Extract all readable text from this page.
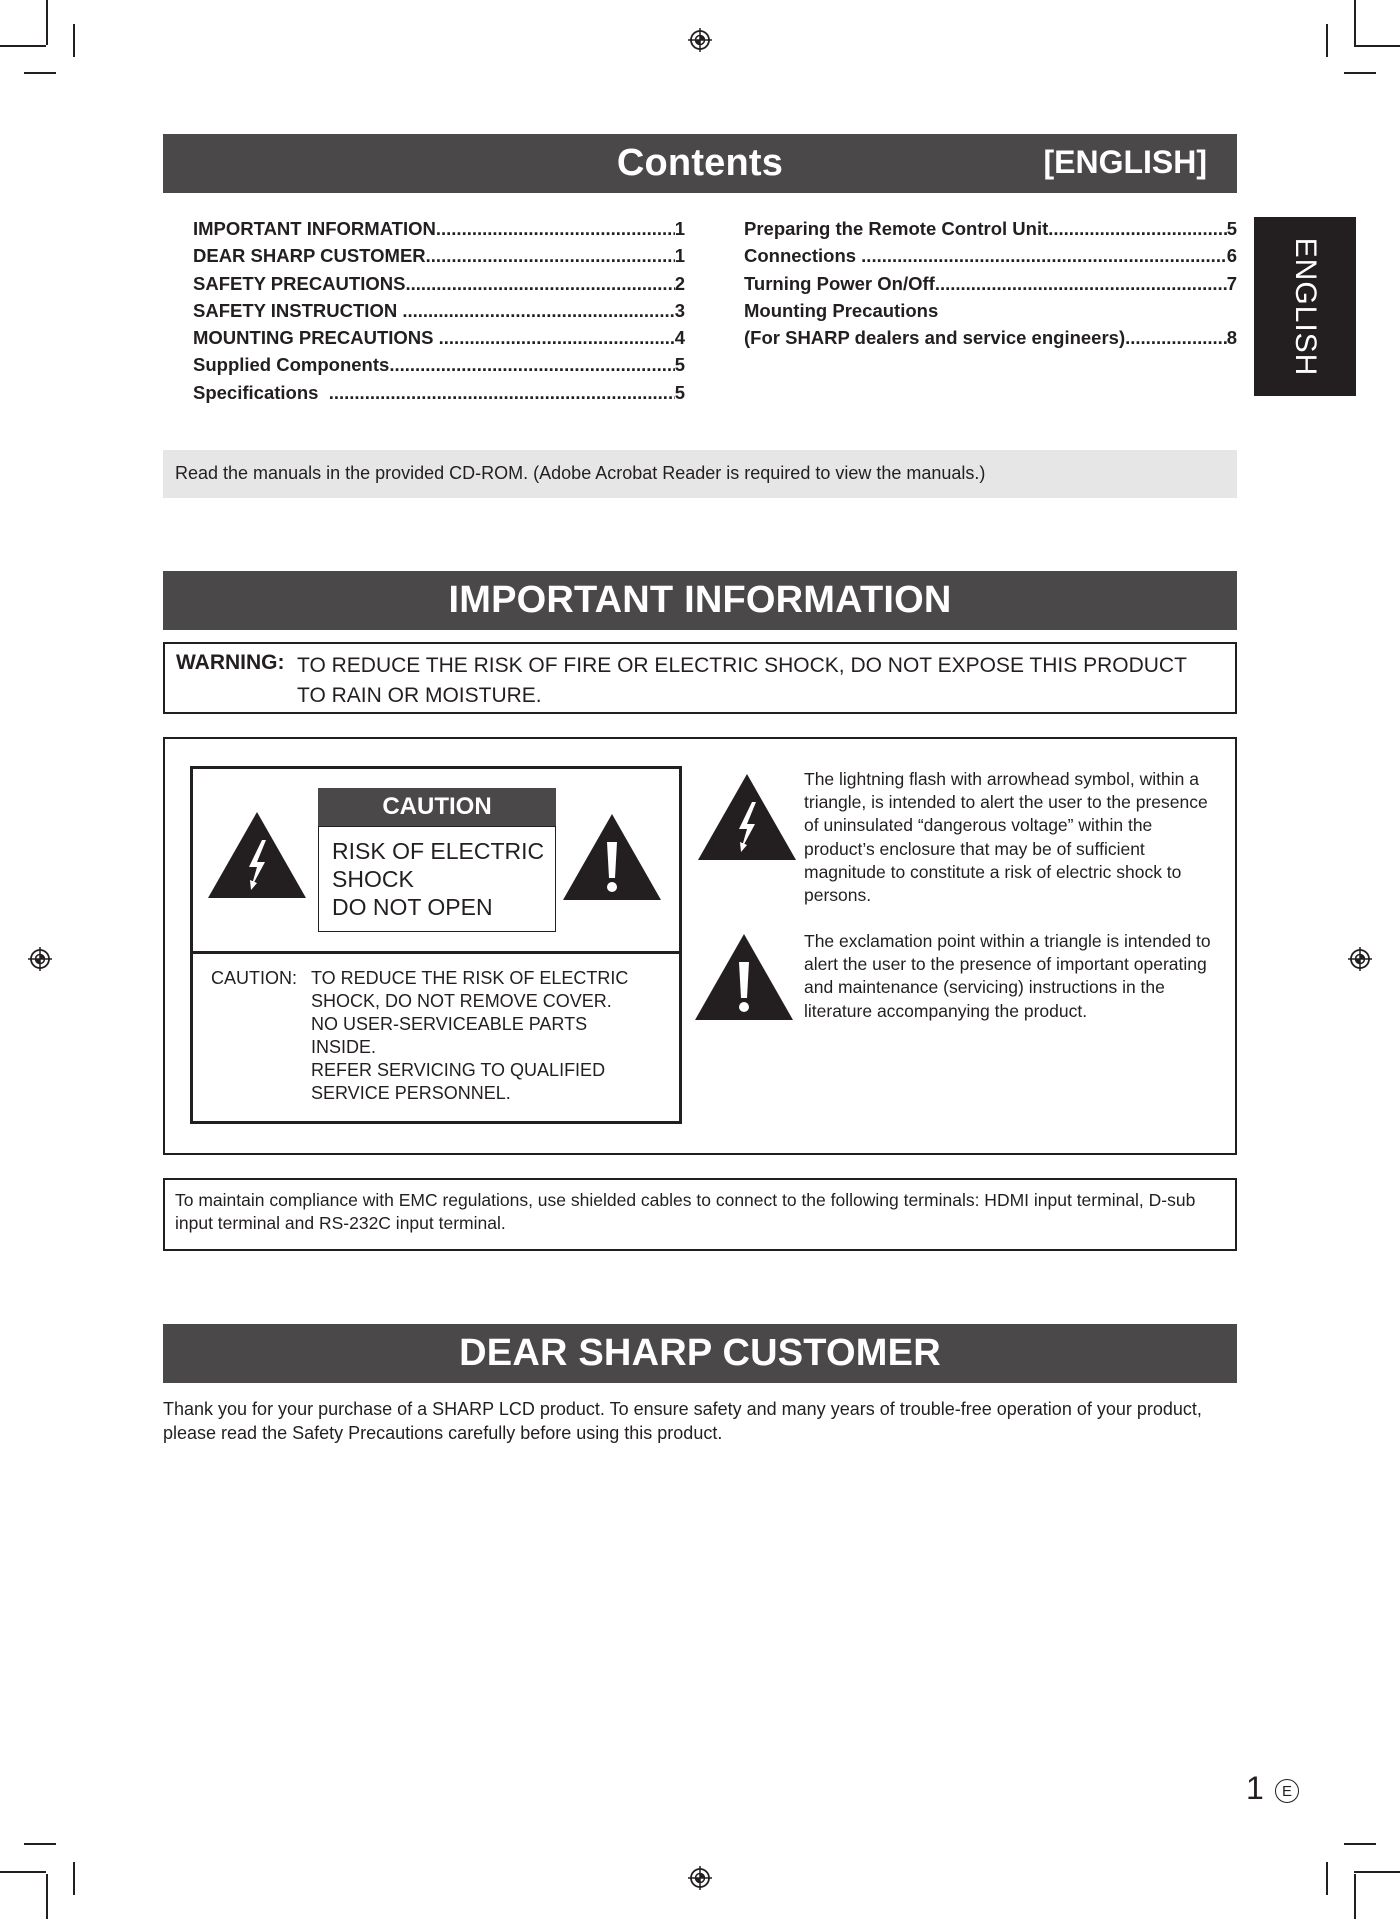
Contents	[ENGLISH]
ENGLISH
IMPORTANT INFORMATION .....	1
DEAR SHARP CUSTOMER .....	1
SAFETY PRECAUTIONS .....	2
SAFETY INSTRUCTION .....	3
MOUNTING PRECAUTIONS .....	4
Supplied Components .....	5
Specifications .....	5
Preparing the Remote Control Unit .....	5
Connections .....	6
Turning Power On/Off .....	7
Mounting Precautions
(For SHARP dealers and service engineers) .....	8
Read the manuals in the provided CD-ROM. (Adobe Acrobat Reader is required to view the manuals.)
IMPORTANT INFORMATION
WARNING: TO REDUCE THE RISK OF FIRE OR ELECTRIC SHOCK, DO NOT EXPOSE THIS PRODUCT TO RAIN OR MOISTURE.
CAUTION
RISK OF ELECTRIC
SHOCK
DO NOT OPEN
CAUTION: TO REDUCE THE RISK OF ELECTRIC
SHOCK, DO NOT REMOVE COVER.
NO USER-SERVICEABLE PARTS
INSIDE.
REFER SERVICING TO QUALIFIED
SERVICE PERSONNEL.
The lightning flash with arrowhead symbol, within a triangle, is intended to alert the user to the presence of uninsulated “dangerous voltage” within the product’s enclosure that may be of sufficient magnitude to constitute a risk of electric shock to persons.
The exclamation point within a triangle is intended to alert the user to the presence of important operating and maintenance (servicing) instructions in the literature accompanying the product.
To maintain compliance with EMC regulations, use shielded cables to connect to the following terminals: HDMI input terminal, D-sub input terminal and RS-232C input terminal.
DEAR SHARP CUSTOMER
Thank you for your purchase of a SHARP LCD product. To ensure safety and many years of trouble-free operation of your product, please read the Safety Precautions carefully before using this product.
1	E
